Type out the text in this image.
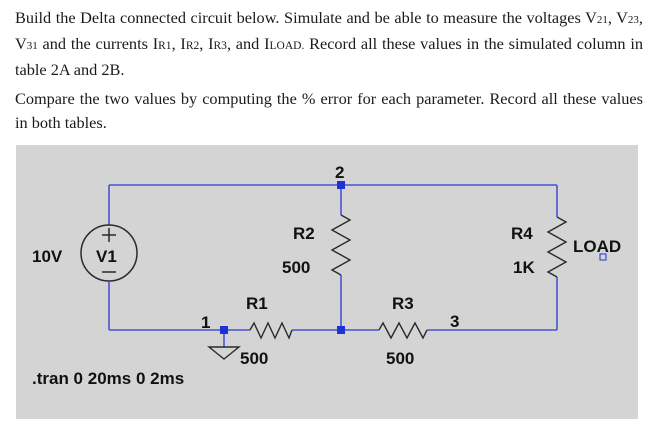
Build the Delta connected circuit below. Simulate and be able to measure the voltages V21, V23, V31 and the currents IR1, IR2, IR3, and ILOAD. Record all these values in the simulated column in table 2A and 2B.

Compare the two values by computing the % error for each parameter. Record all these values in both tables.

10V V1
2
1	3
R2
500
R1
500
R3
500
R4
1K
LOAD
.tran 0 20ms 0 2ms
